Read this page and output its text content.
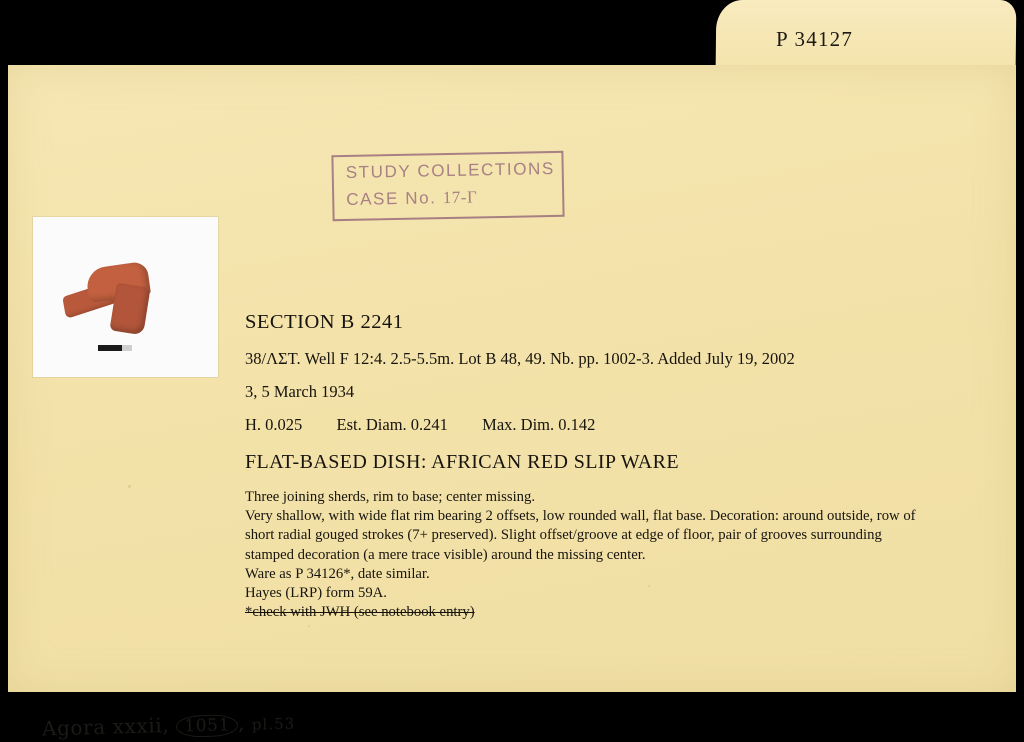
P 34127
STUDY COLLECTIONS
CASE No. 17-Γ
SECTION B 2241
38/ΛΣΤ. Well F 12:4. 2.5-5.5m. Lot B 48, 49. Nb. pp. 1002-3. Added July 19, 2002
3, 5 March 1934
H. 0.025 Est. Diam. 0.241 Max. Dim. 0.142
FLAT-BASED DISH: AFRICAN RED SLIP WARE

Three joining sherds, rim to base; center missing.

Very shallow, with wide flat rim bearing 2 offsets, low rounded wall, flat base. Decoration: around outside, row of short radial gouged strokes (7+ preserved). Slight offset/groove at edge of floor, pair of grooves surrounding stamped decoration (a mere trace visible) around the missing center.

Ware as P 34126*, date similar.

Hayes (LRP) form 59A.

*check with JWH (see notebook entry)

Agora xxxii, 1051 , pl.53
